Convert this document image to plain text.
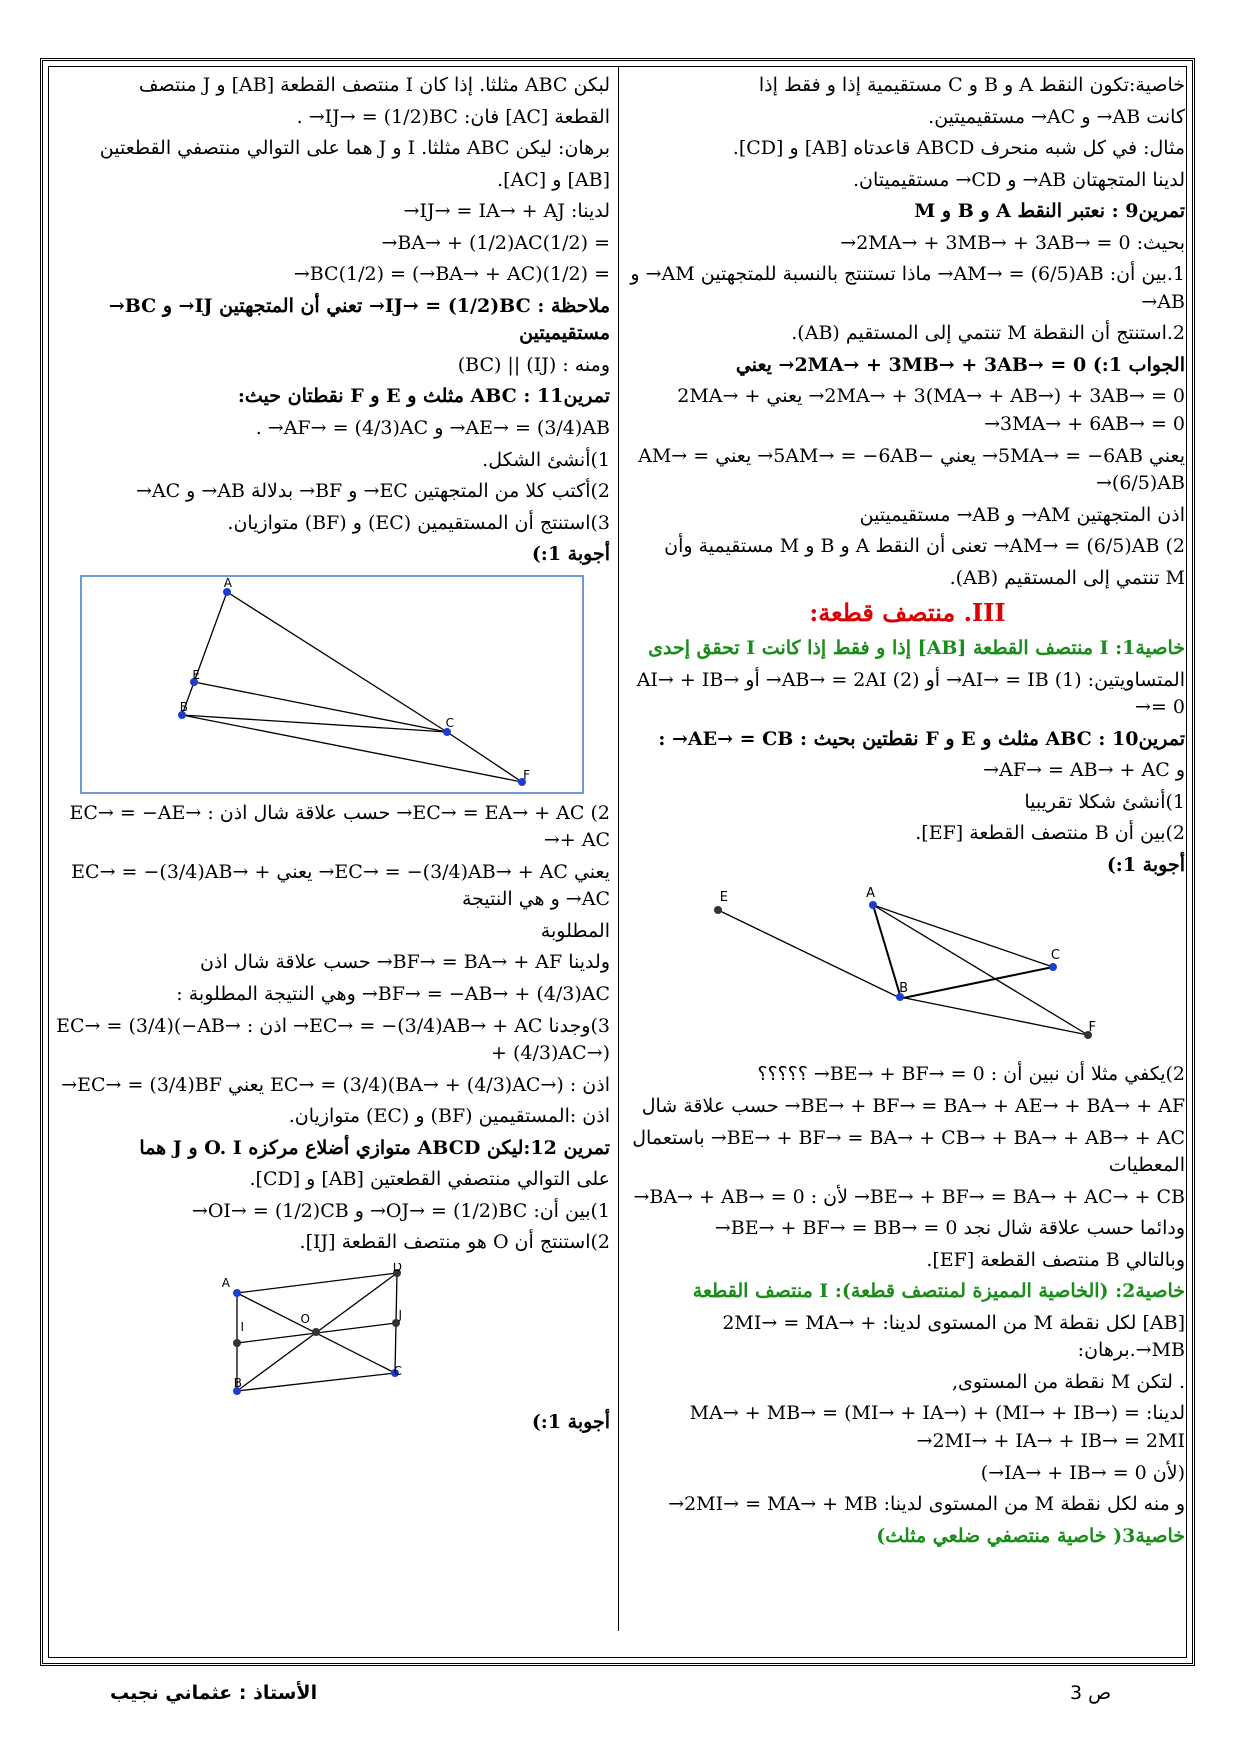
خاصية:تكون النقط A و B و C مستقيمية إذا و فقط إذا

كانت AB→ و AC→ مستقيميتين.

مثال: في كل شبه منحرف ABCD قاعدتاه [AB] و [CD].

لدينا المتجهتان AB→ و CD→ مستقيميتان.

تمرين9 : نعتبر النقط A و B و M

بحيث: 2MA→ + 3MB→ + 3AB→ = 0→

1.بين أن: AM→ = (6/5)AB→ ماذا تستنتج بالنسبة للمتجهتين AM→ و AB→

2.استنتج أن النقطة M تنتمي إلى المستقيم (AB).

الجواب 1:) 2MA→ + 3MB→ + 3AB→ = 0→ يعني

2MA→ + 3(MA→ + AB→) + 3AB→ = 0→ يعني 2MA→ + 3MA→ + 6AB→ = 0→

يعني 5MA→ = −6AB→ يعني −5AM→ = −6AB→ يعني AM→ = (6/5)AB→

اذن المتجهتين AM→ و AB→ مستقيميتين

2) AM→ = (6/5)AB→ تعنى أن النقط A و B و M مستقيمية وأن

M تنتمي إلى المستقيم (AB).

III. منتصف قطعة:

خاصية1: I منتصف القطعة [AB] إذا و فقط إذا كانت I تحقق إحدى

المتساويتين: (1) AI→ = IB→ أو (2) AB→ = 2AI→ أو AI→ + IB→ = 0→

تمرين10 : ABC مثلث و E و F نقطتين بحيث : AE→ = CB→ :

و AF→ = AB→ + AC→

1)أنشئ شكلا تقريبيا

2)بين أن B منتصف القطعة [EF].

أجوبة 1:)

E	A
B
C
F

2)يكفي مثلا أن نبين أن : BE→ + BF→ = 0→ ؟؟؟؟؟

BE→ + BF→ = BA→ + AE→ + BA→ + AF→ حسب علاقة شال

BE→ + BF→ = BA→ + CB→ + BA→ + AB→ + AC→ باستعمال المعطيات

BE→ + BF→ = BA→ + AC→ + CB→ لأن : BA→ + AB→ = 0→

ودائما حسب علاقة شال نجد BE→ + BF→ = BB→ = 0→

وبالتالي B منتصف القطعة [EF].

خاصية2: (الخاصية المميزة لمنتصف قطعة): I منتصف القطعة

[AB] لكل نقطة M من المستوى لدينا: 2MI→ = MA→ + MB→.برهان:

. لتكن M نقطة من المستوى,

لدينا: MA→ + MB→ = (MI→ + IA→) + (MI→ + IB→) = 2MI→ + IA→ + IB→ = 2MI→

(لأن IA→ + IB→ = 0→)

و منه لكل نقطة M من المستوى لدينا: 2MI→ = MA→ + MB→

خاصية3( خاصية منتصفي ضلعي مثلث)

لبكن ABC مثلثا. إذا كان I منتصف القطعة [AB] و J منتصف

القطعة [AC] فان: IJ→ = (1/2)BC→ .

برهان: ليكن ABC مثلثا. I و J هما على التوالي منتصفي القطعتين

[AB] و [AC].

لدينا: IJ→ = IA→ + AJ→

= (1/2)BA→ + (1/2)AC→

= (1/2)(BA→ + AC→) = (1/2)BC→

ملاحظة : IJ→ = (1/2)BC→ تعني أن المتجهتين IJ→ و BC→ مستقيميتين

ومنه : (IJ) || (BC)

تمرين11 : ABC مثلث و E و F نقطتان حيث:

AE→ = (3/4)AB→ و AF→ = (4/3)AC→ .

1)أنشئ الشكل.

2)أكتب كلا من المتجهتين EC→ و BF→ بدلالة AB→ و AC→

3)استنتج أن المستقيمين (EC) و (BF) متوازيان.

أجوبة 1:)

A
E
B
C
F

2) EC→ = EA→ + AC→ حسب علاقة شال اذن : EC→ = −AE→ + AC→

يعني EC→ = −(3/4)AB→ + AC→ يعني EC→ = −(3/4)AB→ + AC→ و هي النتيجة

المطلوبة

ولدينا BF→ = BA→ + AF→ حسب علاقة شال اذن

BF→ = −AB→ + (4/3)AC→ وهي النتيجة المطلوبة :

3)وجدنا EC→ = −(3/4)AB→ + AC→ اذن : EC→ = (3/4)(−AB→ + (4/3)AC→)

اذن : EC→ = (3/4)(BA→ + (4/3)AC→) يعني EC→ = (3/4)BF→

اذن :المستقيمين (BF) و (EC) متوازيان.

تمرين 12:ليكن ABCD متوازي أضلاع مركزه O. I و J هما

على التوالي منتصفي القطعتين [AB] و [CD].

1)بين أن: OJ→ = (1/2)BC→ و OI→ = (1/2)CB→

2)استنتج أن O هو منتصف القطعة [IJ].

A
I
B
O
D
J
C

أجوبة 1:)

الأستاذ : عثماني نجيب	ص 3
